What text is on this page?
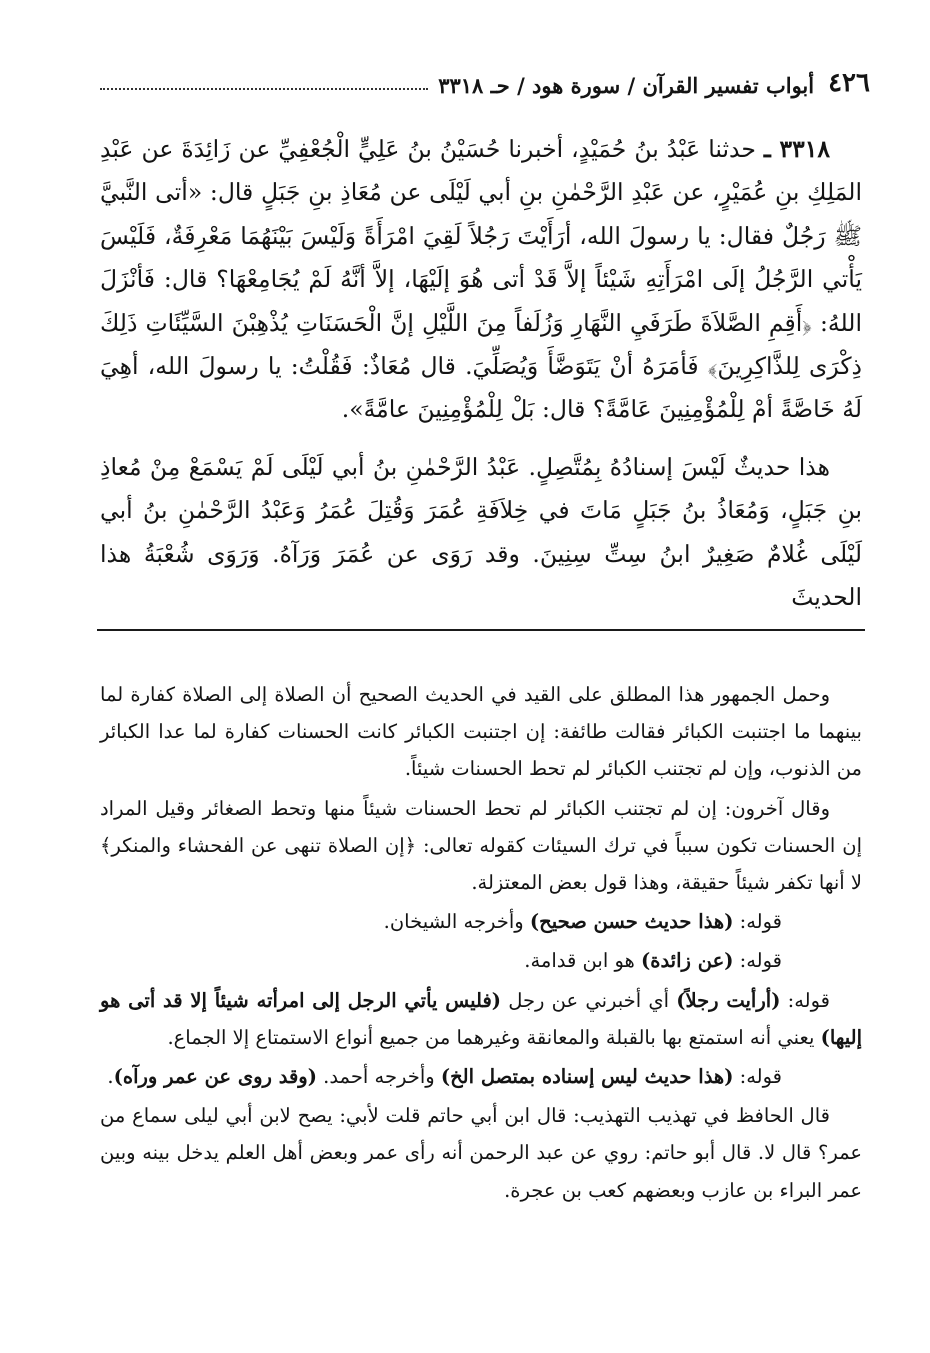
٤٢٦
أبواب تفسير القرآن / سورة هود / حـ ٣٣١٨

٣٣١٨ ـ حدثنا عَبْدُ بنُ حُمَيْدٍ، أخبرنا حُسَيْنُ بنُ عَلِيٍّ الْجُعْفِيِّ عن زَائِدَةَ عن عَبْدِ المَلِكِ بنِ عُمَيْرٍ، عن عَبْدِ الرَّحْمٰنِ بنِ أبي لَيْلَى عن مُعَاذِ بنِ جَبَلٍ قال: «أتى النَّبيَّ ﷺ رَجُلٌ فقال: يا رسولَ الله، أرَأَيْتَ رَجُلاً لَقِيَ امْرَأَةً وَلَيْسَ بَيْنَهُمَا مَعْرِفَةٌ، فَلَيْسَ يَأْتي الرَّجُلُ إلَى امْرَأَتِهِ شَيْئاً إلاَّ قَدْ أتى هُوَ إلَيْهَا، إلاَّ أنَّهُ لَمْ يُجَامِعْهَا؟ قال: فَأنْزَلَ اللهُ: ﴿أَقِمِ الصَّلاَةَ طَرَفَيِ النَّهَارِ وَزُلَفاً مِنَ اللَّيْلِ إنَّ الْحَسَنَاتِ يُذْهِبْنَ السَّيِّئَاتِ ذَلِكَ ذِكْرَى لِلذَّاكِرِينَ﴾ فَأمَرَهُ أنْ يَتَوَضَّأَ وَيُصَلِّيَ. قال مُعَاذٌ: فَقُلْتُ: يا رسولَ الله، أهِيَ لَهُ خَاصَّةً أمْ لِلْمُؤْمِنِينَ عَامَّةً؟ قال: بَلْ لِلْمُؤْمِنِينَ عامَّةً».

هذا حديثٌ لَيْسَ إسنادُهُ بِمُتَّصِلٍ. عَبْدُ الرَّحْمٰنِ بنُ أبي لَيْلَى لَمْ يَسْمَعْ مِنْ مُعاذِ بنِ جَبَلٍ، وَمُعَاذُ بنُ جَبَلٍ مَاتَ في خِلاَفَةِ عُمَرَ وَقُتِلَ عُمَرُ وَعَبْدُ الرَّحْمٰنِ بنُ أبي لَيْلَى غُلامٌ صَغِيرٌ ابنُ سِتِّ سِنِينَ. وقد رَوَى عن عُمَرَ وَرَآهُ. وَرَوَى شُعْبَةُ هذا الحديثَ

وحمل الجمهور هذا المطلق على القيد في الحديث الصحيح أن الصلاة إلى الصلاة كفارة لما بينهما ما اجتنبت الكبائر فقالت طائفة: إن اجتنبت الكبائر كانت الحسنات كفارة لما عدا الكبائر من الذنوب، وإن لم تجتنب الكبائر لم تحط الحسنات شيئاً.

وقال آخرون: إن لم تجتنب الكبائر لم تحط الحسنات شيئاً منها وتحط الصغائر وقيل المراد إن الحسنات تكون سبباً في ترك السيئات كقوله تعالى: ﴿إن الصلاة تنهى عن الفحشاء والمنكر﴾ لا أنها تكفر شيئاً حقيقة، وهذا قول بعض المعتزلة.

قوله: (هذا حديث حسن صحيح) وأخرجه الشيخان.

قوله: (عن زائدة) هو ابن قدامة.

قوله: (أرأيت رجلاً) أي أخبرني عن رجل (فليس يأتي الرجل إلى امرأته شيئاً إلا قد أتى هو إليها) يعني أنه استمتع بها بالقبلة والمعانقة وغيرهما من جميع أنواع الاستمتاع إلا الجماع.

قوله: (هذا حديث ليس إسناده بمتصل الخ) وأخرجه أحمد. (وقد روى عن عمر ورآه).

قال الحافظ في تهذيب التهذيب: قال ابن أبي حاتم قلت لأبي: يصح لابن أبي ليلى سماع من عمر؟ قال لا. قال أبو حاتم: روي عن عبد الرحمن أنه رأى عمر وبعض أهل العلم يدخل بينه وبين عمر البراء بن عازب وبعضهم كعب بن عجرة.
